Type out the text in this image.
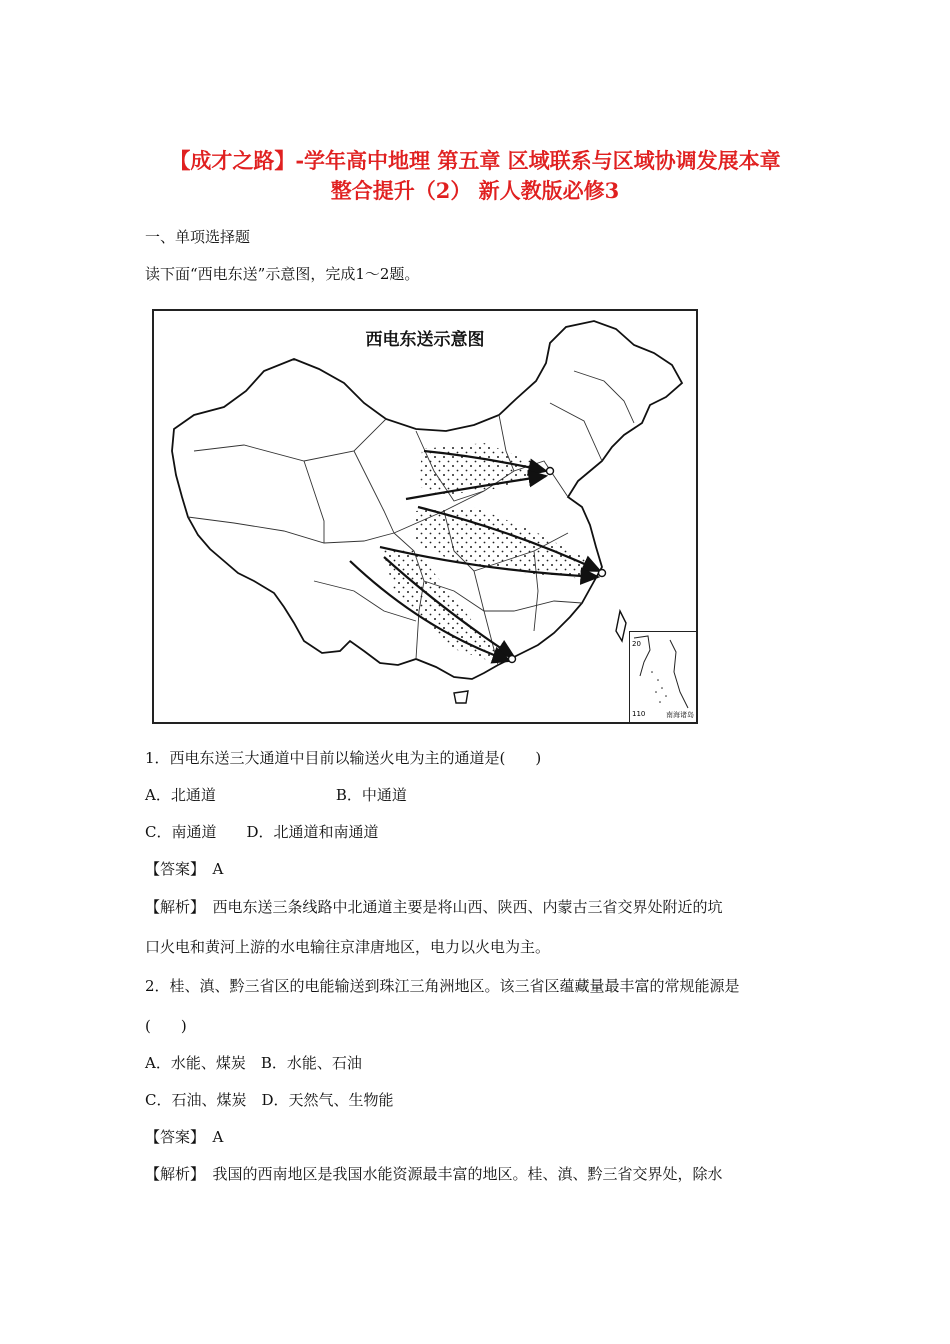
【成才之路】-学年高中地理 第五章 区域联系与区域协调发展本章
整合提升（2） 新人教版必修3
一、单项选择题
读下面“西电东送”示意图，完成1～2题。
西电东送示意图
20
110	南海诸岛
1．西电东送三大通道中目前以输送火电为主的通道是(　　)
A．北通道　　　　　　　　B．中通道
C．南通道　　D．北通道和南通道
【答案】　A
【解析】　西电东送三条线路中北通道主要是将山西、陕西、内蒙古三省交界处附近的坑
口火电和黄河上游的水电输往京津唐地区，电力以火电为主。
2．桂、滇、黔三省区的电能输送到珠江三角洲地区。该三省区蕴藏量最丰富的常规能源是
(　　)
A．水能、煤炭　B．水能、石油
C．石油、煤炭　D．天然气、生物能
【答案】　A
【解析】　我国的西南地区是我国水能资源最丰富的地区。桂、滇、黔三省交界处，除水
